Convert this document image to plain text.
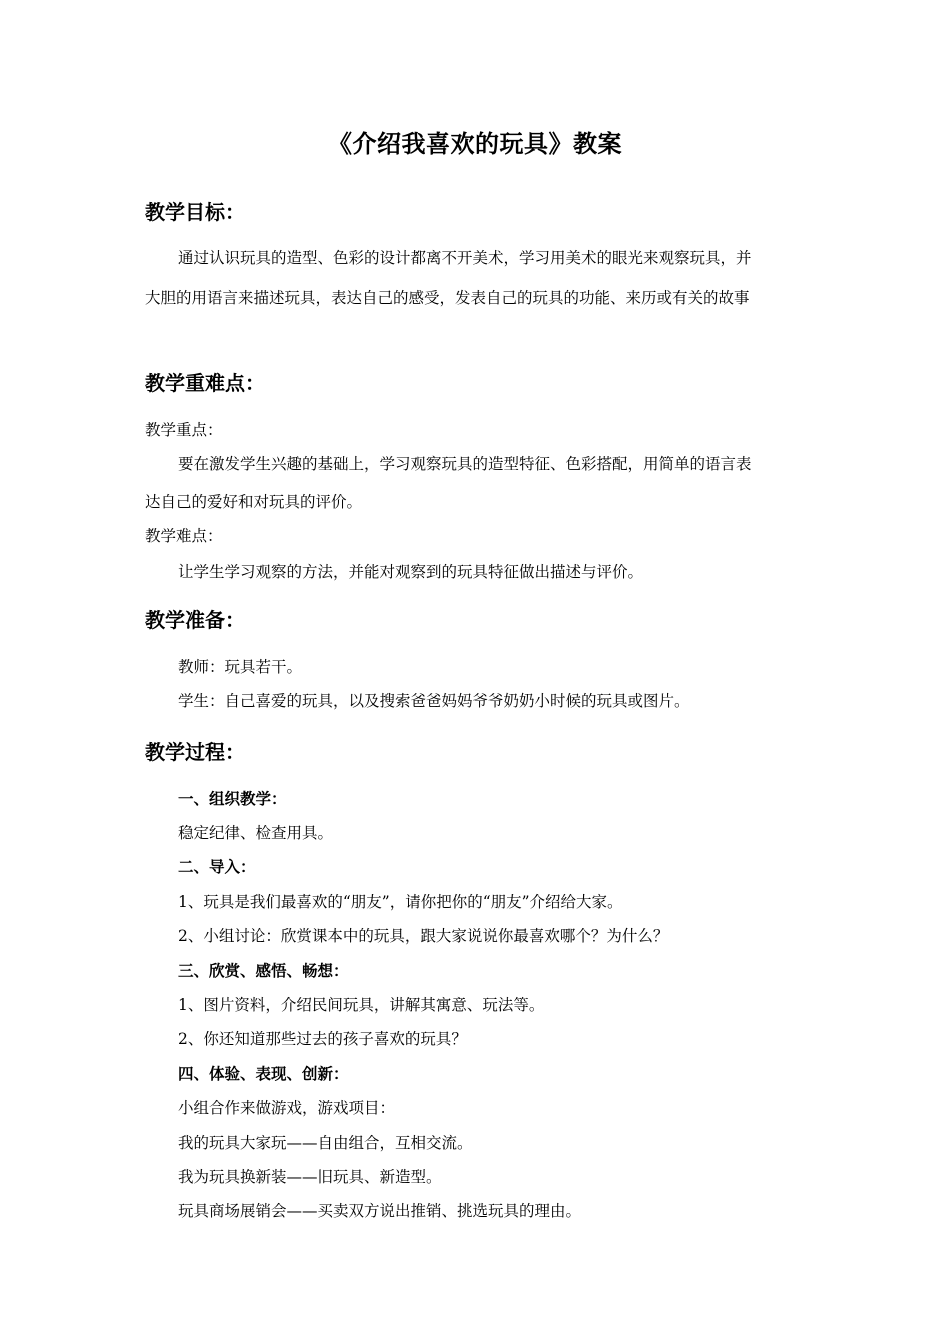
《介绍我喜欢的玩具》教案
教学目标：
通过认识玩具的造型、色彩的设计都离不开美术，学习用美术的眼光来观察玩具，并
大胆的用语言来描述玩具，表达自己的感受，发表自己的玩具的功能、来历或有关的故事
教学重难点：
教学重点：
要在激发学生兴趣的基础上，学习观察玩具的造型特征、色彩搭配，用简单的语言表
达自己的爱好和对玩具的评价。
教学难点：
让学生学习观察的方法，并能对观察到的玩具特征做出描述与评价。
教学准备：
教师：玩具若干。
学生：自己喜爱的玩具，以及搜索爸爸妈妈爷爷奶奶小时候的玩具或图片。
教学过程：
一、组织教学：
稳定纪律、检查用具。
二、导入：
1、玩具是我们最喜欢的“朋友”，请你把你的“朋友”介绍给大家。
2、小组讨论：欣赏课本中的玩具，跟大家说说你最喜欢哪个？为什么？
三、欣赏、感悟、畅想：
1、图片资料，介绍民间玩具，讲解其寓意、玩法等。
2、你还知道那些过去的孩子喜欢的玩具？
四、体验、表现、创新：
小组合作来做游戏，游戏项目：
我的玩具大家玩——自由组合，互相交流。
我为玩具换新装——旧玩具、新造型。
玩具商场展销会——买卖双方说出推销、挑选玩具的理由。
